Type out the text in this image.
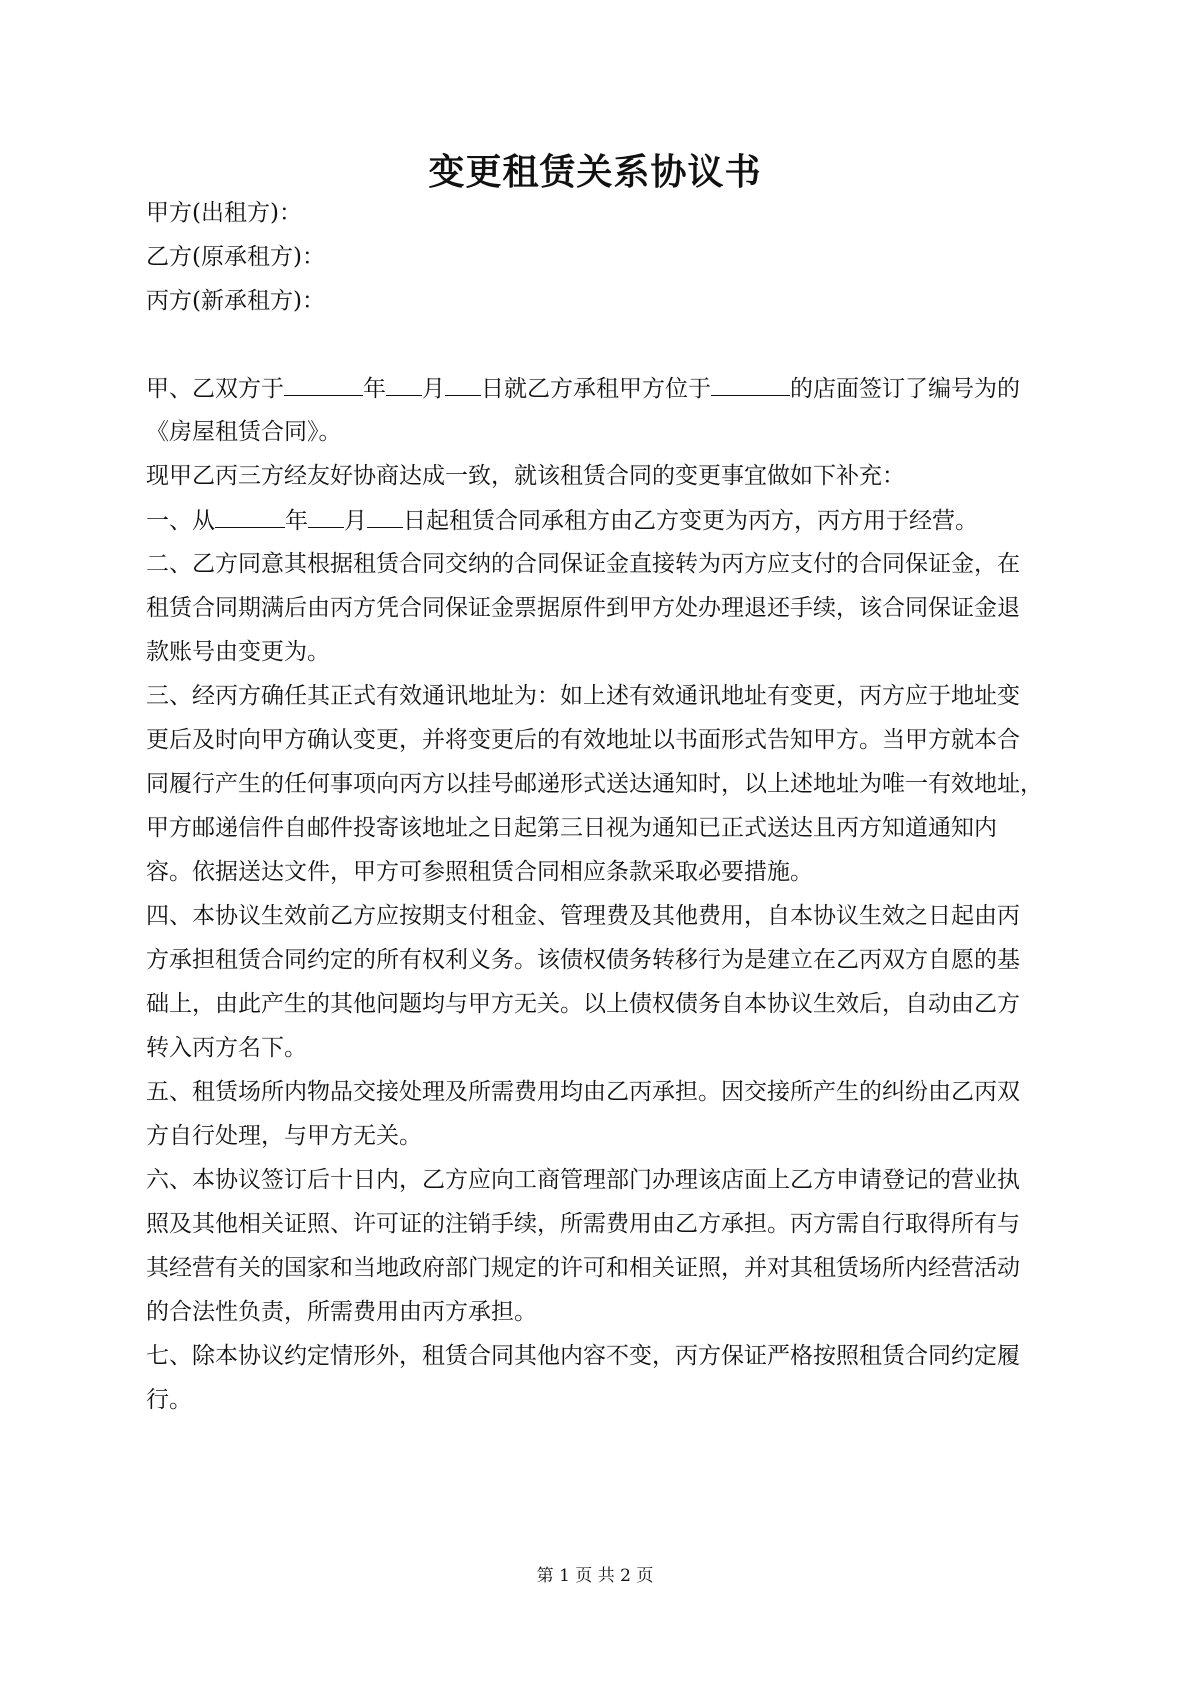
变更租赁关系协议书
甲方(出租方)：
乙方(原承租方)：
丙方(新承租方)：
甲、乙双方于	年 月 日就乙方承租甲方位于	的店面签订了编号为的
《房屋租赁合同》。
现甲乙丙三方经友好协商达成一致，就该租赁合同的变更事宜做如下补充：
一、从	年 月 日起租赁合同承租方由乙方变更为丙方，丙方用于经营。
二、乙方同意其根据租赁合同交纳的合同保证金直接转为丙方应支付的合同保证金，在
租赁合同期满后由丙方凭合同保证金票据原件到甲方处办理退还手续，该合同保证金退
款账号由变更为。
三、经丙方确任其正式有效通讯地址为：如上述有效通讯地址有变更，丙方应于地址变
更后及时向甲方确认变更，并将变更后的有效地址以书面形式告知甲方。当甲方就本合
同履行产生的任何事项向丙方以挂号邮递形式送达通知时，以上述地址为唯一有效地址，
甲方邮递信件自邮件投寄该地址之日起第三日视为通知已正式送达且丙方知道通知内
容。依据送达文件，甲方可参照租赁合同相应条款采取必要措施。
四、本协议生效前乙方应按期支付租金、管理费及其他费用，自本协议生效之日起由丙
方承担租赁合同约定的所有权利义务。该债权债务转移行为是建立在乙丙双方自愿的基
础上，由此产生的其他问题均与甲方无关。以上债权债务自本协议生效后，自动由乙方
转入丙方名下。
五、租赁场所内物品交接处理及所需费用均由乙丙承担。因交接所产生的纠纷由乙丙双
方自行处理，与甲方无关。
六、本协议签订后十日内，乙方应向工商管理部门办理该店面上乙方申请登记的营业执
照及其他相关证照、许可证的注销手续，所需费用由乙方承担。丙方需自行取得所有与
其经营有关的国家和当地政府部门规定的许可和相关证照，并对其租赁场所内经营活动
的合法性负责，所需费用由丙方承担。
七、除本协议约定情形外，租赁合同其他内容不变，丙方保证严格按照租赁合同约定履
行。
第 1 页 共 2 页
